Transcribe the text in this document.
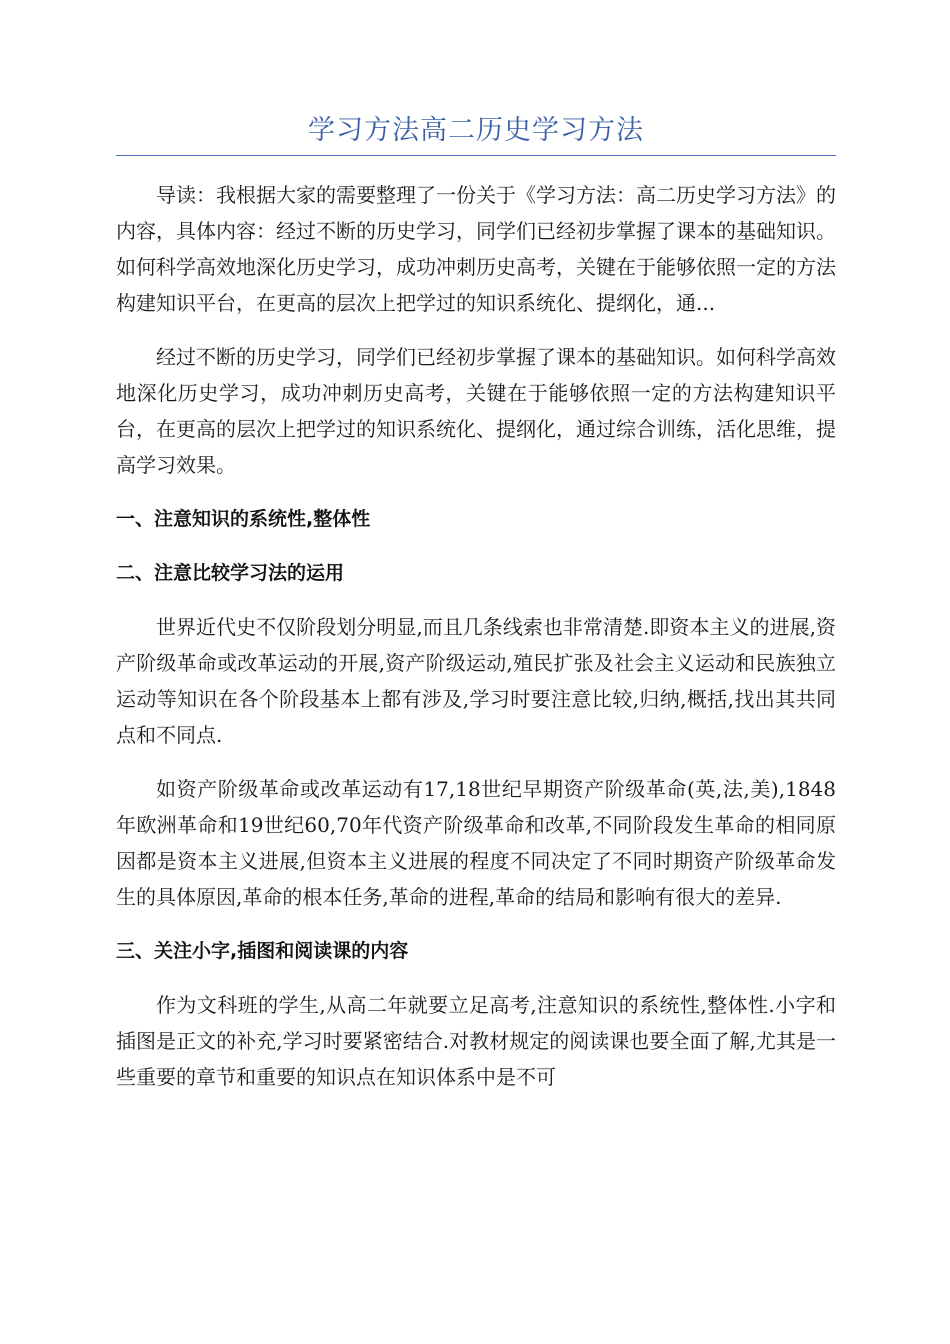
学习方法高二历史学习方法

导读：我根据大家的需要整理了一份关于《学习方法：高二历史学习方法》的内容，具体内容：经过不断的历史学习，同学们已经初步掌握了课本的基础知识。如何科学高效地深化历史学习，成功冲刺历史高考，关键在于能够依照一定的方法构建知识平台，在更高的层次上把学过的知识系统化、提纲化，通...

经过不断的历史学习，同学们已经初步掌握了课本的基础知识。如何科学高效地深化历史学习，成功冲刺历史高考，关键在于能够依照一定的方法构建知识平台，在更高的层次上把学过的知识系统化、提纲化，通过综合训练，活化思维，提高学习效果。

一、注意知识的系统性,整体性
二、注意比较学习法的运用

世界近代史不仅阶段划分明显,而且几条线索也非常清楚.即资本主义的进展,资产阶级革命或改革运动的开展,资产阶级运动,殖民扩张及社会主义运动和民族独立运动等知识在各个阶段基本上都有涉及,学习时要注意比较,归纳,概括,找出其共同点和不同点.

如资产阶级革命或改革运动有17,18世纪早期资产阶级革命(英,法,美),1848年欧洲革命和19世纪60,70年代资产阶级革命和改革,不同阶段发生革命的相同原因都是资本主义进展,但资本主义进展的程度不同决定了不同时期资产阶级革命发生的具体原因,革命的根本任务,革命的进程,革命的结局和影响有很大的差异.

三、关注小字,插图和阅读课的内容

作为文科班的学生,从高二年就要立足高考,注意知识的系统性,整体性.小字和插图是正文的补充,学习时要紧密结合.对教材规定的阅读课也要全面了解,尤其是一些重要的章节和重要的知识点在知识体系中是不可
